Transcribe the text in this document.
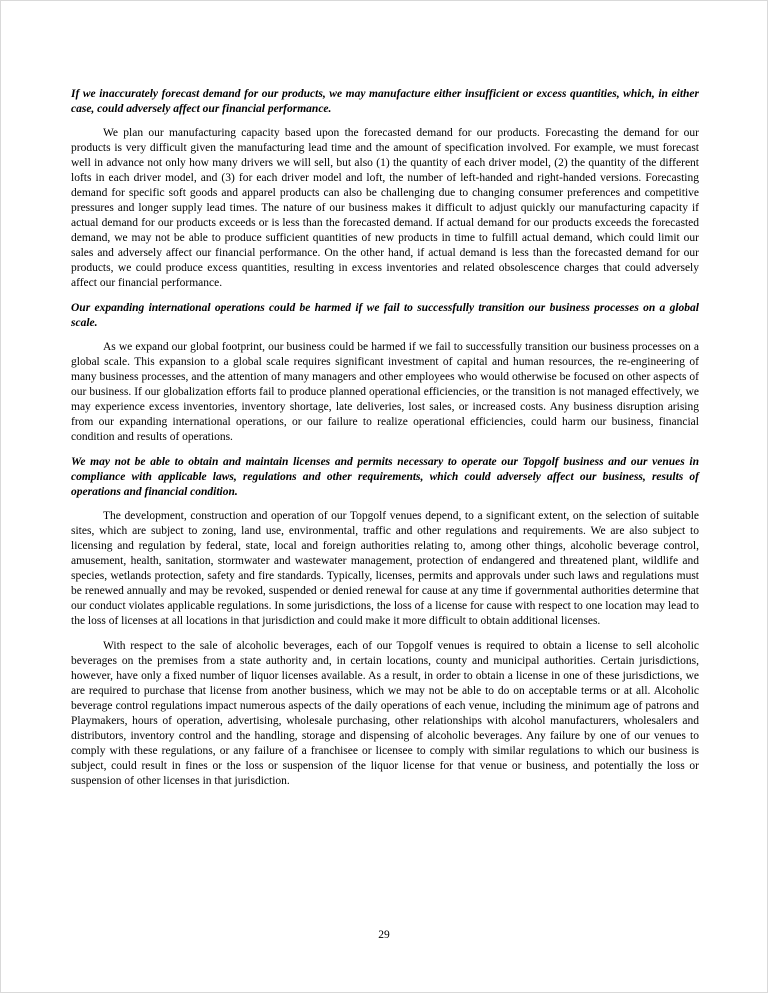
If we inaccurately forecast demand for our products, we may manufacture either insufficient or excess quantities, which, in either case, could adversely affect our financial performance.

We plan our manufacturing capacity based upon the forecasted demand for our products. Forecasting the demand for our products is very difficult given the manufacturing lead time and the amount of specification involved. For example, we must forecast well in advance not only how many drivers we will sell, but also (1) the quantity of each driver model, (2) the quantity of the different lofts in each driver model, and (3) for each driver model and loft, the number of left-handed and right-handed versions. Forecasting demand for specific soft goods and apparel products can also be challenging due to changing consumer preferences and competitive pressures and longer supply lead times. The nature of our business makes it difficult to adjust quickly our manufacturing capacity if actual demand for our products exceeds or is less than the forecasted demand. If actual demand for our products exceeds the forecasted demand, we may not be able to produce sufficient quantities of new products in time to fulfill actual demand, which could limit our sales and adversely affect our financial performance. On the other hand, if actual demand is less than the forecasted demand for our products, we could produce excess quantities, resulting in excess inventories and related obsolescence charges that could adversely affect our financial performance.

Our expanding international operations could be harmed if we fail to successfully transition our business processes on a global scale.

As we expand our global footprint, our business could be harmed if we fail to successfully transition our business processes on a global scale. This expansion to a global scale requires significant investment of capital and human resources, the re-engineering of many business processes, and the attention of many managers and other employees who would otherwise be focused on other aspects of our business. If our globalization efforts fail to produce planned operational efficiencies, or the transition is not managed effectively, we may experience excess inventories, inventory shortage, late deliveries, lost sales, or increased costs. Any business disruption arising from our expanding international operations, or our failure to realize operational efficiencies, could harm our business, financial condition and results of operations.

We may not be able to obtain and maintain licenses and permits necessary to operate our Topgolf business and our venues in compliance with applicable laws, regulations and other requirements, which could adversely affect our business, results of operations and financial condition.

The development, construction and operation of our Topgolf venues depend, to a significant extent, on the selection of suitable sites, which are subject to zoning, land use, environmental, traffic and other regulations and requirements. We are also subject to licensing and regulation by federal, state, local and foreign authorities relating to, among other things, alcoholic beverage control, amusement, health, sanitation, stormwater and wastewater management, protection of endangered and threatened plant, wildlife and species, wetlands protection, safety and fire standards. Typically, licenses, permits and approvals under such laws and regulations must be renewed annually and may be revoked, suspended or denied renewal for cause at any time if governmental authorities determine that our conduct violates applicable regulations. In some jurisdictions, the loss of a license for cause with respect to one location may lead to the loss of licenses at all locations in that jurisdiction and could make it more difficult to obtain additional licenses.

With respect to the sale of alcoholic beverages, each of our Topgolf venues is required to obtain a license to sell alcoholic beverages on the premises from a state authority and, in certain locations, county and municipal authorities. Certain jurisdictions, however, have only a fixed number of liquor licenses available. As a result, in order to obtain a license in one of these jurisdictions, we are required to purchase that license from another business, which we may not be able to do on acceptable terms or at all. Alcoholic beverage control regulations impact numerous aspects of the daily operations of each venue, including the minimum age of patrons and Playmakers, hours of operation, advertising, wholesale purchasing, other relationships with alcohol manufacturers, wholesalers and distributors, inventory control and the handling, storage and dispensing of alcoholic beverages. Any failure by one of our venues to comply with these regulations, or any failure of a franchisee or licensee to comply with similar regulations to which our business is subject, could result in fines or the loss or suspension of the liquor license for that venue or business, and potentially the loss or suspension of other licenses in that jurisdiction.

29
